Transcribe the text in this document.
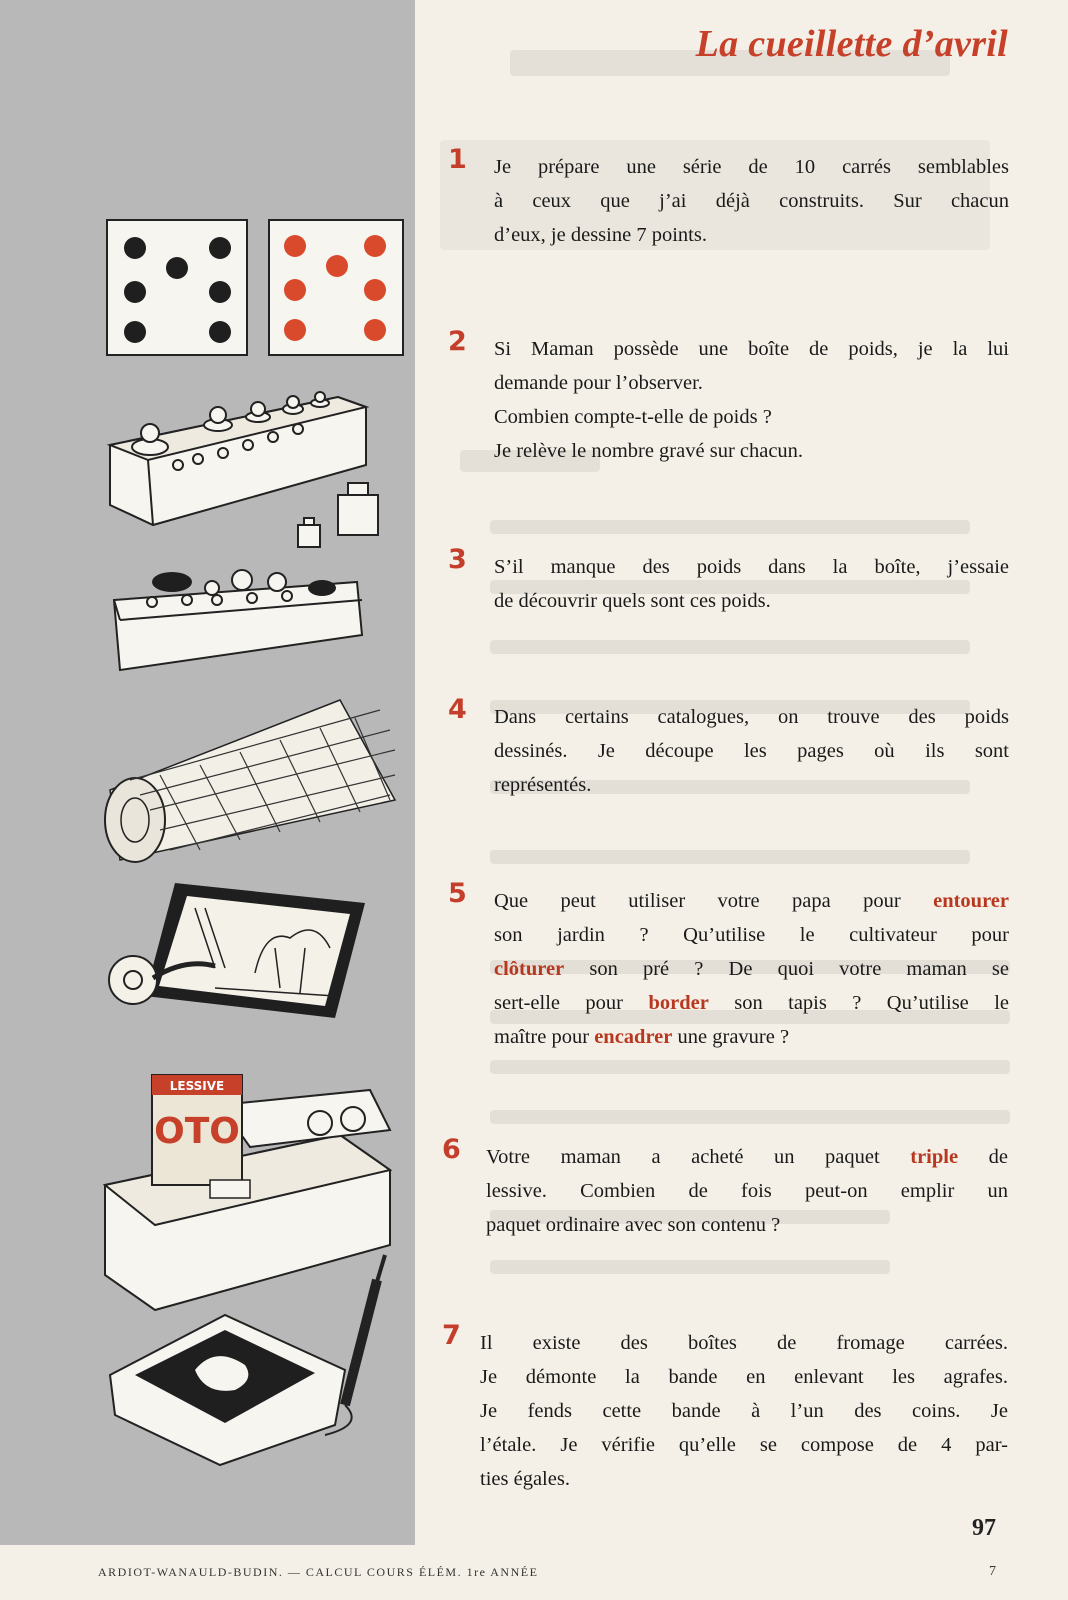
La cueillette d’avril
LESSIVE
OTO
1 Je prépare une série de 10 carrés semblables
à ceux que j’ai déjà construits. Sur chacun
d’eux, je dessine 7 points.
2 Si Maman possède une boîte de poids, je la lui
demande pour l’observer.
Combien compte-t-elle de poids ?
Je relève le nombre gravé sur chacun.
3 S’il manque des poids dans la boîte, j’essaie
de découvrir quels sont ces poids.
4 Dans certains catalogues, on trouve des poids
dessinés. Je découpe les pages où ils sont
représentés.
5 Que peut utiliser votre papa pour entourer
son jardin ? Qu’utilise le cultivateur pour
clôturer son pré ? De quoi votre maman se
sert-elle pour border son tapis ? Qu’utilise le
maître pour encadrer une gravure ?
6 Votre maman a acheté un paquet triple de
lessive. Combien de fois peut-on emplir un
paquet ordinaire avec son contenu ?
7 Il existe des boîtes de fromage carrées.
Je démonte la bande en enlevant les agrafes.
Je fends cette bande à l’un des coins. Je
l’étale. Je vérifie qu’elle se compose de 4 par-
ties égales.
97
ARDIOT-WANAULD-BUDIN. — CALCUL COURS ÉLÉM. 1re ANNÉE	7
